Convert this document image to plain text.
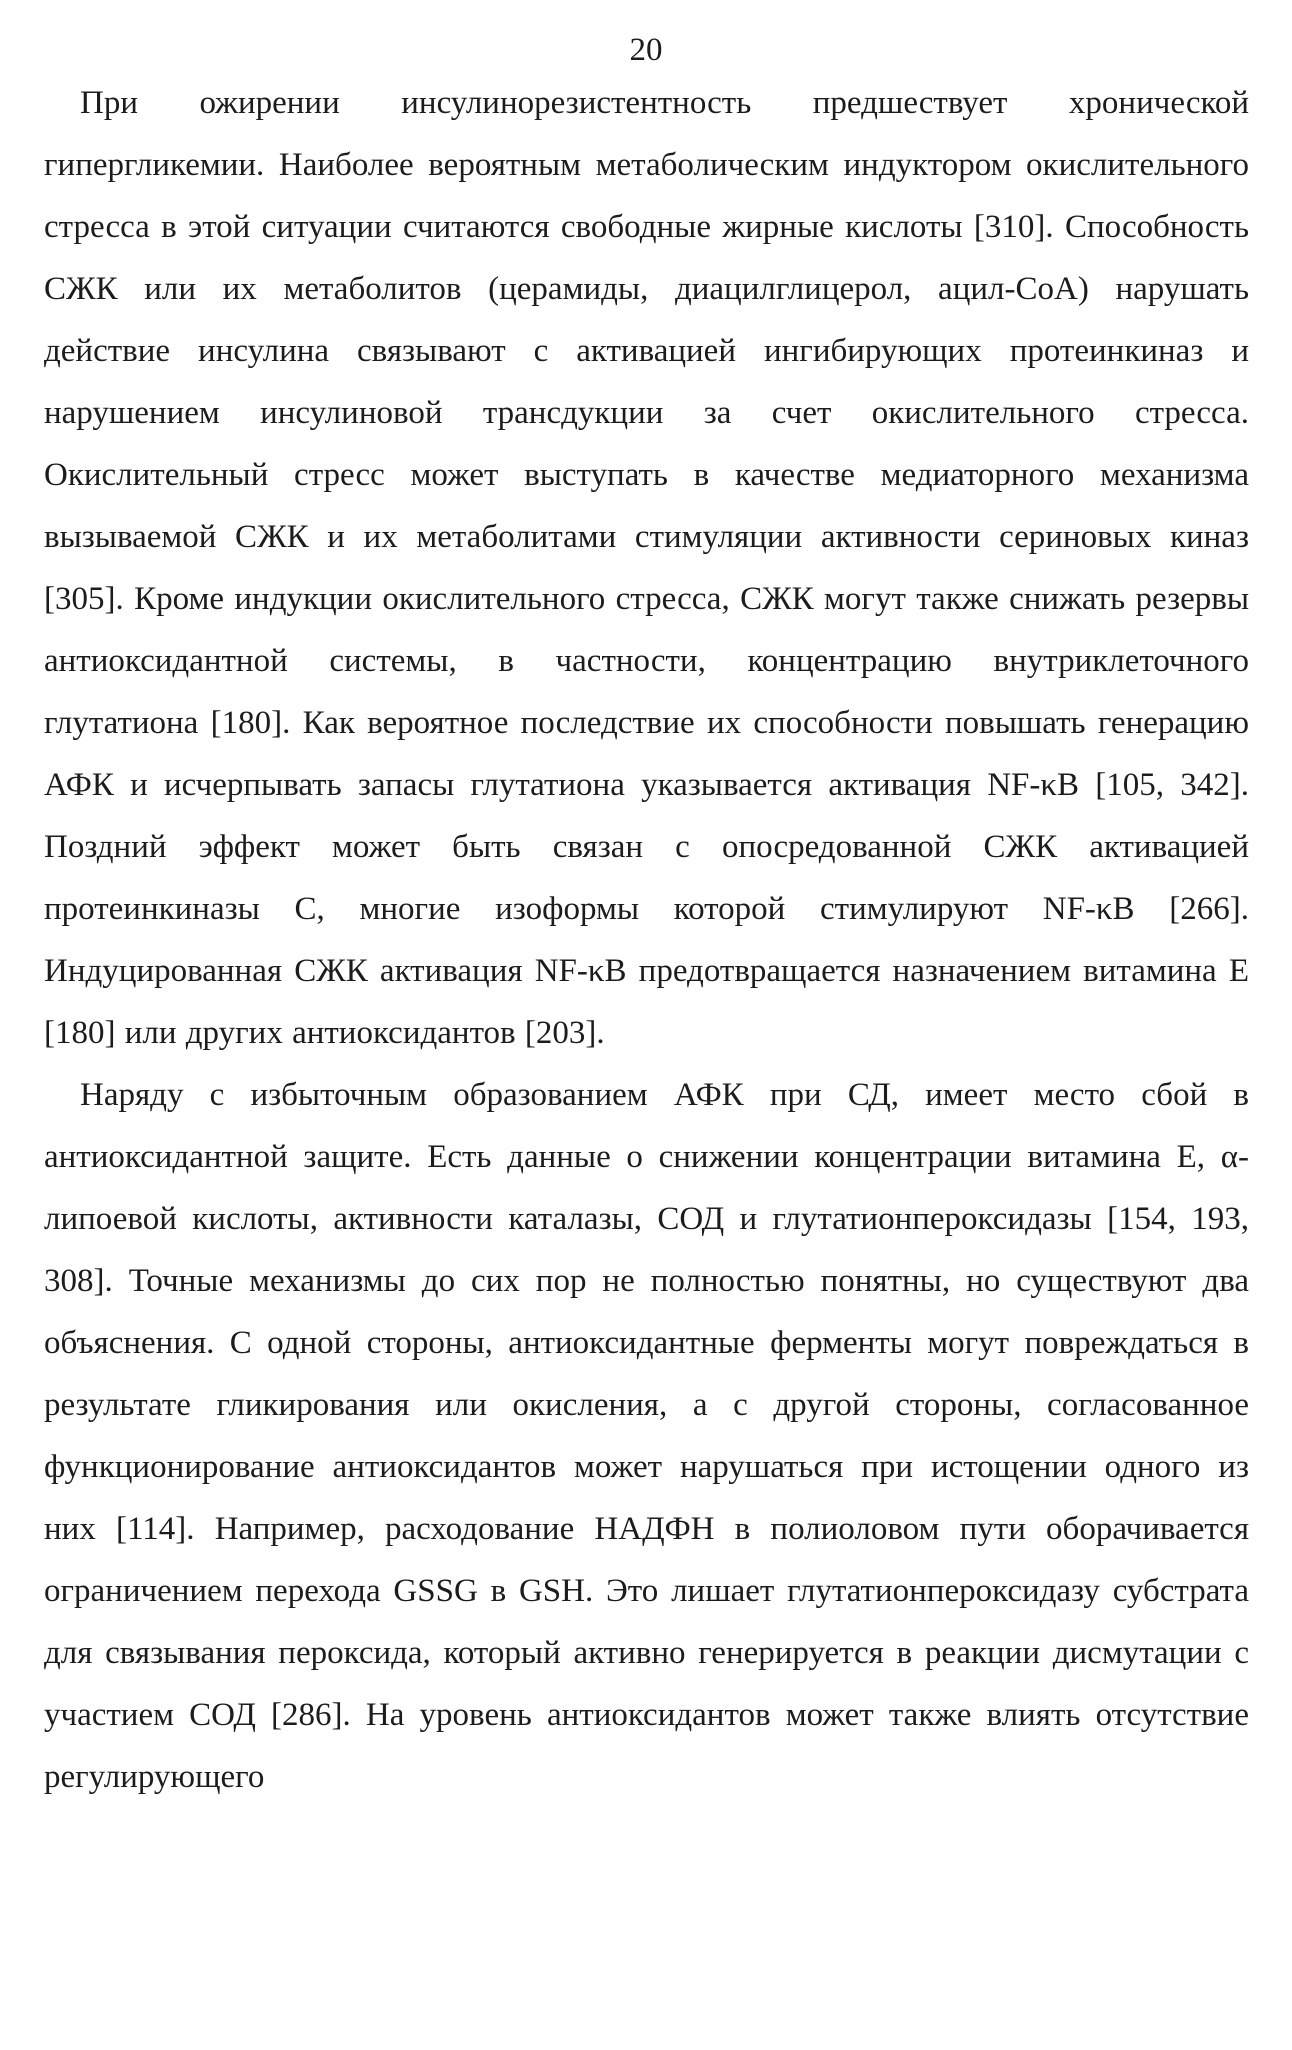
20

При ожирении инсулинорезистентность предшествует хронической гипергликемии. Наиболее вероятным метаболическим индуктором окислительного стресса в этой ситуации считаются свободные жирные кислоты [310]. Способность СЖК или их метаболитов (церамиды, диацилглицерол, ацил-CoA) нарушать действие инсулина связывают с активацией ингибирующих протеинкиназ и нарушением инсулиновой трансдукции за счет окислительного стресса. Окислительный стресс может выступать в качестве медиаторного механизма вызываемой СЖК и их метаболитами стимуляции активности сериновых киназ [305]. Кроме индукции окислительного стресса, СЖК могут также снижать резервы антиоксидантной системы, в частности, концентрацию внутриклеточного глутатиона [180]. Как вероятное последствие их способности повышать генерацию АФК и исчерпывать запасы глутатиона указывается активация NF-κB [105, 342]. Поздний эффект может быть связан с опосредованной СЖК активацией протеинкиназы С, многие изоформы которой стимулируют NF-κB [266]. Индуцированная СЖК активация NF-κB предотвращается назначением витамина Е [180] или других антиоксидантов [203].

Наряду с избыточным образованием АФК при СД, имеет место сбой в антиоксидантной защите. Есть данные о снижении концентрации витамина Е, α-липоевой кислоты, активности каталазы, СОД и глутатионпероксидазы [154, 193, 308]. Точные механизмы до сих пор не полностью понятны, но существуют два объяснения. С одной стороны, антиоксидантные ферменты могут повреждаться в результате гликирования или окисления, а с другой стороны, согласованное функционирование антиоксидантов может нарушаться при истощении одного из них [114]. Например, расходование НАДФН в полиоловом пути оборачивается ограничением перехода GSSG в GSH. Это лишает глутатионпероксидазу субстрата для связывания пероксида, который активно генерируется в реакции дисмутации с участием СОД [286]. На уровень антиоксидантов может также влиять отсутствие регулирующего
